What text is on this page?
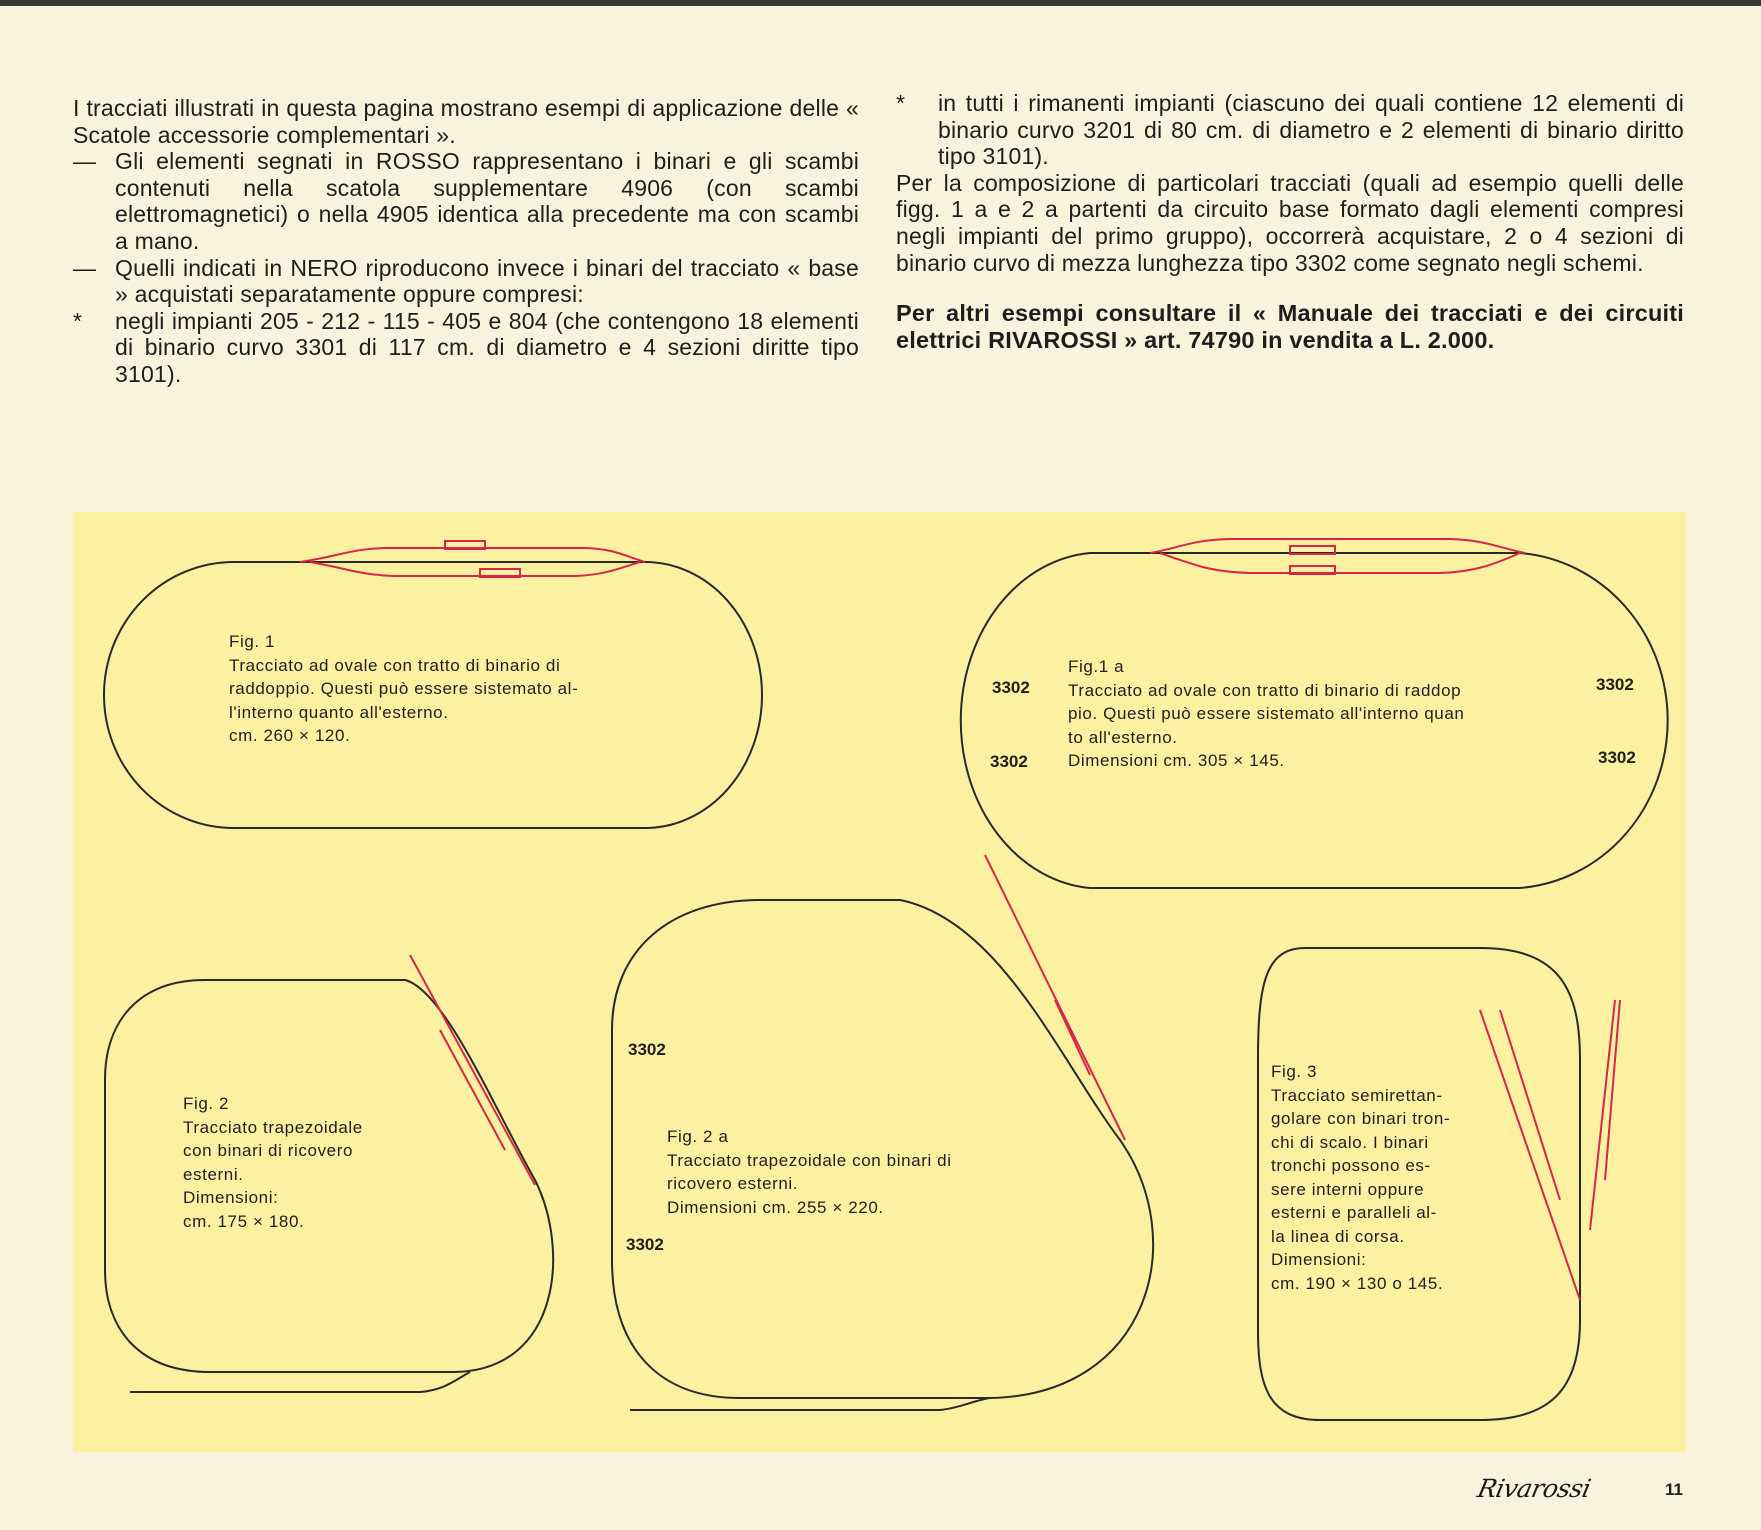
I tracciati illustrati in questa pagina mostrano esempi di applicazione delle « Scatole accessorie complementari ».

— Gli elementi segnati in ROSSO rappresentano i binari e gli scambi contenuti nella scatola supplementare 4906 (con scambi elettromagnetici) o nella 4905 identica alla precedente ma con scambi a mano.

— Quelli indicati in NERO riproducono invece i binari del tracciato « base » acquistati separatamente oppure compresi:

* negli impianti 205 - 212 - 115 - 405 e 804 (che contengono 18 elementi di binario curvo 3301 di 117 cm. di diametro e 4 sezioni diritte tipo 3101).

* in tutti i rimanenti impianti (ciascuno dei quali contiene 12 elementi di binario curvo 3201 di 80 cm. di diametro e 2 elementi di binario diritto tipo 3101).

Per la composizione di particolari tracciati (quali ad esempio quelli delle figg. 1 a e 2 a partenti da circuito base formato dagli elementi compresi negli impianti del primo gruppo), occorrerà acquistare, 2 o 4 sezioni di binario curvo di mezza lunghezza tipo 3302 come segnato negli schemi.

Per altri esempi consultare il « Manuale dei tracciati e dei circuiti elettrici RIVAROSSI » art. 74790 in vendita a L. 2.000.

Fig. 1
Tracciato ad ovale con tratto di binario di
raddoppio. Questi può essere sistemato al-
l'interno quanto all'esterno.
cm. 260 × 120.
Fig.1 a
Tracciato ad ovale con tratto di binario di raddop
pio. Questi può essere sistemato all'interno quan
to all'esterno.
Dimensioni cm. 305 × 145.
3302
3302
3302
3302
Fig. 2
Tracciato trapezoidale
con binari di ricovero
esterni.
Dimensioni:
cm. 175 × 180.
Fig. 2 a
Tracciato trapezoidale con binari di
ricovero esterni.
Dimensioni cm. 255 × 220.
3302
3302
Fig. 3
Tracciato semirettan-
golare con binari tron-
chi di scalo. I binari
tronchi possono es-
sere interni oppure
esterni e paralleli al-
la linea di corsa.
Dimensioni:
cm. 190 × 130 o 145.
Rivarossi	11
